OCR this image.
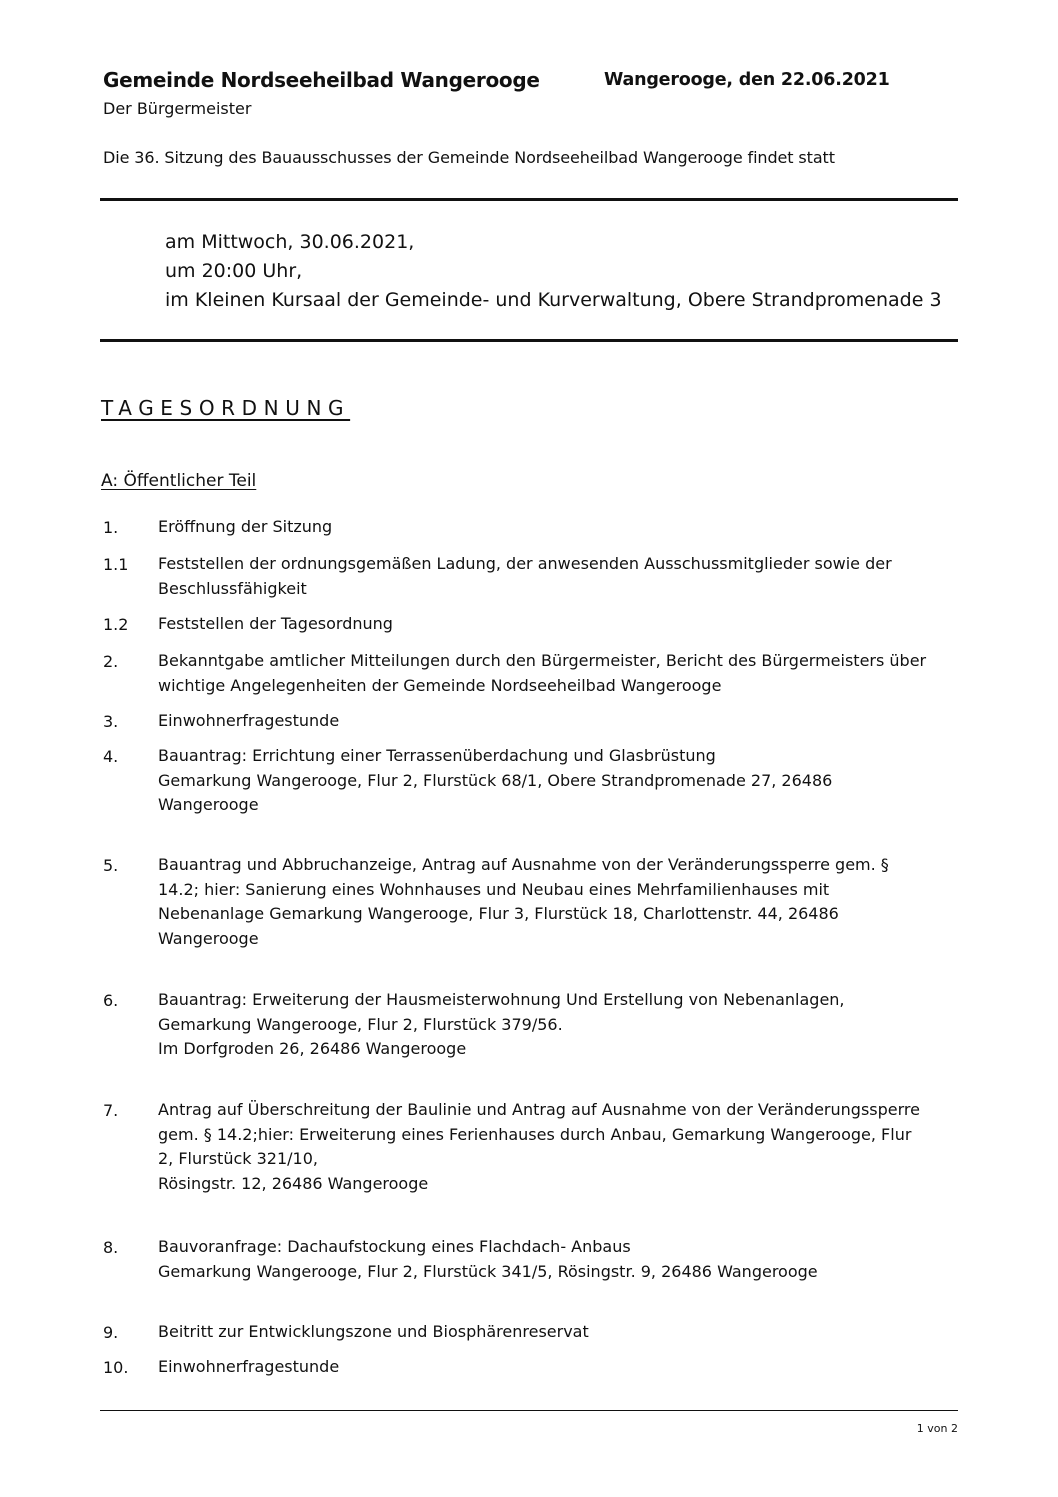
Gemeinde Nordseeheilbad Wangerooge
Der Bürgermeister
Wangerooge, den 22.06.2021
Die 36. Sitzung des Bauausschusses der Gemeinde Nordseeheilbad Wangerooge findet statt
am Mittwoch, 30.06.2021,
um 20:00 Uhr,
im Kleinen Kursaal der Gemeinde- und Kurverwaltung, Obere Strandpromenade 3
TAGESORDNUNG
A: Öffentlicher Teil
1. Eröffnung der Sitzung
1.1 Feststellen der ordnungsgemäßen Ladung, der anwesenden Ausschussmitglieder sowie der
Beschlussfähigkeit
1.2 Feststellen der Tagesordnung
2. Bekanntgabe amtlicher Mitteilungen durch den Bürgermeister, Bericht des Bürgermeisters über
wichtige Angelegenheiten der Gemeinde Nordseeheilbad Wangerooge
3. Einwohnerfragestunde
4. Bauantrag: Errichtung einer Terrassenüberdachung und Glasbrüstung
Gemarkung Wangerooge, Flur 2, Flurstück 68/1, Obere Strandpromenade 27, 26486
Wangerooge
5. Bauantrag und Abbruchanzeige, Antrag auf Ausnahme von der Veränderungssperre gem. §
14.2; hier: Sanierung eines Wohnhauses und Neubau eines Mehrfamilienhauses mit
Nebenanlage Gemarkung Wangerooge, Flur 3, Flurstück 18, Charlottenstr. 44, 26486
Wangerooge
6. Bauantrag: Erweiterung der Hausmeisterwohnung Und Erstellung von Nebenanlagen,
Gemarkung Wangerooge, Flur 2, Flurstück 379/56.
Im Dorfgroden 26, 26486 Wangerooge
7. Antrag auf Überschreitung der Baulinie und Antrag auf Ausnahme von der Veränderungssperre
gem. § 14.2;hier: Erweiterung eines Ferienhauses durch Anbau, Gemarkung Wangerooge, Flur
2, Flurstück 321/10,
Rösingstr. 12, 26486 Wangerooge
8. Bauvoranfrage: Dachaufstockung eines Flachdach- Anbaus
Gemarkung Wangerooge, Flur 2, Flurstück 341/5, Rösingstr. 9, 26486 Wangerooge
9. Beitritt zur Entwicklungszone und Biosphärenreservat
10. Einwohnerfragestunde
1 von 2
